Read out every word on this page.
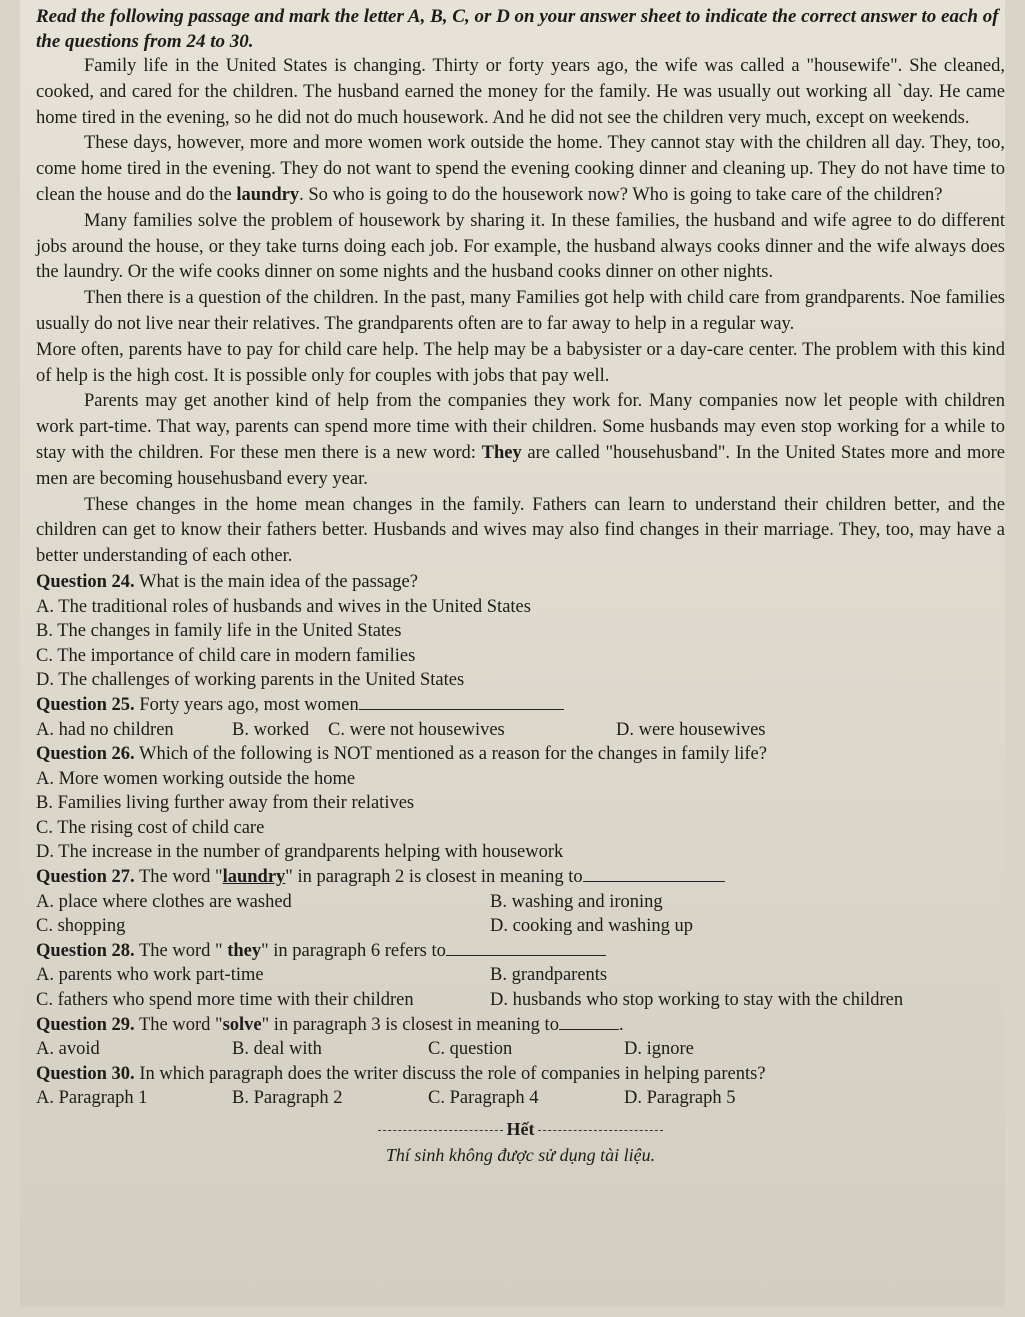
Read the following passage and mark the letter A, B, C, or D on your answer sheet to indicate the correct answer to each of the questions from 24 to 30.

Family life in the United States is changing. Thirty or forty years ago, the wife was called a "housewife". She cleaned, cooked, and cared for the children. The husband earned the money for the family. He was usually out working all `day. He came home tired in the evening, so he did not do much housework. And he did not see the children very much, except on weekends.

These days, however, more and more women work outside the home. They cannot stay with the children all day. They, too, come home tired in the evening. They do not want to spend the evening cooking dinner and cleaning up. They do not have time to clean the house and do the laundry. So who is going to do the housework now? Who is going to take care of the children?

Many families solve the problem of housework by sharing it. In these families, the husband and wife agree to do different jobs around the house, or they take turns doing each job. For example, the husband always cooks dinner and the wife always does the laundry. Or the wife cooks dinner on some nights and the husband cooks dinner on other nights.

Then there is a question of the children. In the past, many Families got help with child care from grandparents. Noe families usually do not live near their relatives. The grandparents often are to far away to help in a regular way.

More often, parents have to pay for child care help. The help may be a babysister or a day-care center. The problem with this kind of help is the high cost. It is possible only for couples with jobs that pay well.

Parents may get another kind of help from the companies they work for. Many companies now let people with children work part-time. That way, parents can spend more time with their children. Some husbands may even stop working for a while to stay with the children. For these men there is a new word: They are called "househusband". In the United States more and more men are becoming househusband every year.

These changes in the home mean changes in the family. Fathers can learn to understand their children better, and the children can get to know their fathers better. Husbands and wives may also find changes in their marriage. They, too, may have a better understanding of each other.

Question 24. What is the main idea of the passage?

A. The traditional roles of husbands and wives in the United States

B. The changes in family life in the United States

C. The importance of child care in modern families

D. The challenges of working parents in the United States

Question 25. Forty years ago, most women

A. had no children	B. worked	C. were not housewives	D. were housewives

Question 26. Which of the following is NOT mentioned as a reason for the changes in family life?

A. More women working outside the home

B. Families living further away from their relatives

C. The rising cost of child care

D. The increase in the number of grandparents helping with housework

Question 27. The word "laundry" in paragraph 2 is closest in meaning to

A. place where clothes are washed	B. washing and ironing
C. shopping	D. cooking and washing up

Question 28. The word " they" in paragraph 6 refers to

A. parents who work part-time	B. grandparents
C. fathers who spend more time with their children	D. husbands who stop working to stay with the children

Question 29. The word "solve" in paragraph 3 is closest in meaning to	.

A. avoid	B. deal with	C. question	D. ignore

Question 30. In which paragraph does the writer discuss the role of companies in helping parents?

A. Paragraph 1	B. Paragraph 2	C. Paragraph 4	D. Paragraph 5
Hết

Thí sinh không được sử dụng tài liệu.
